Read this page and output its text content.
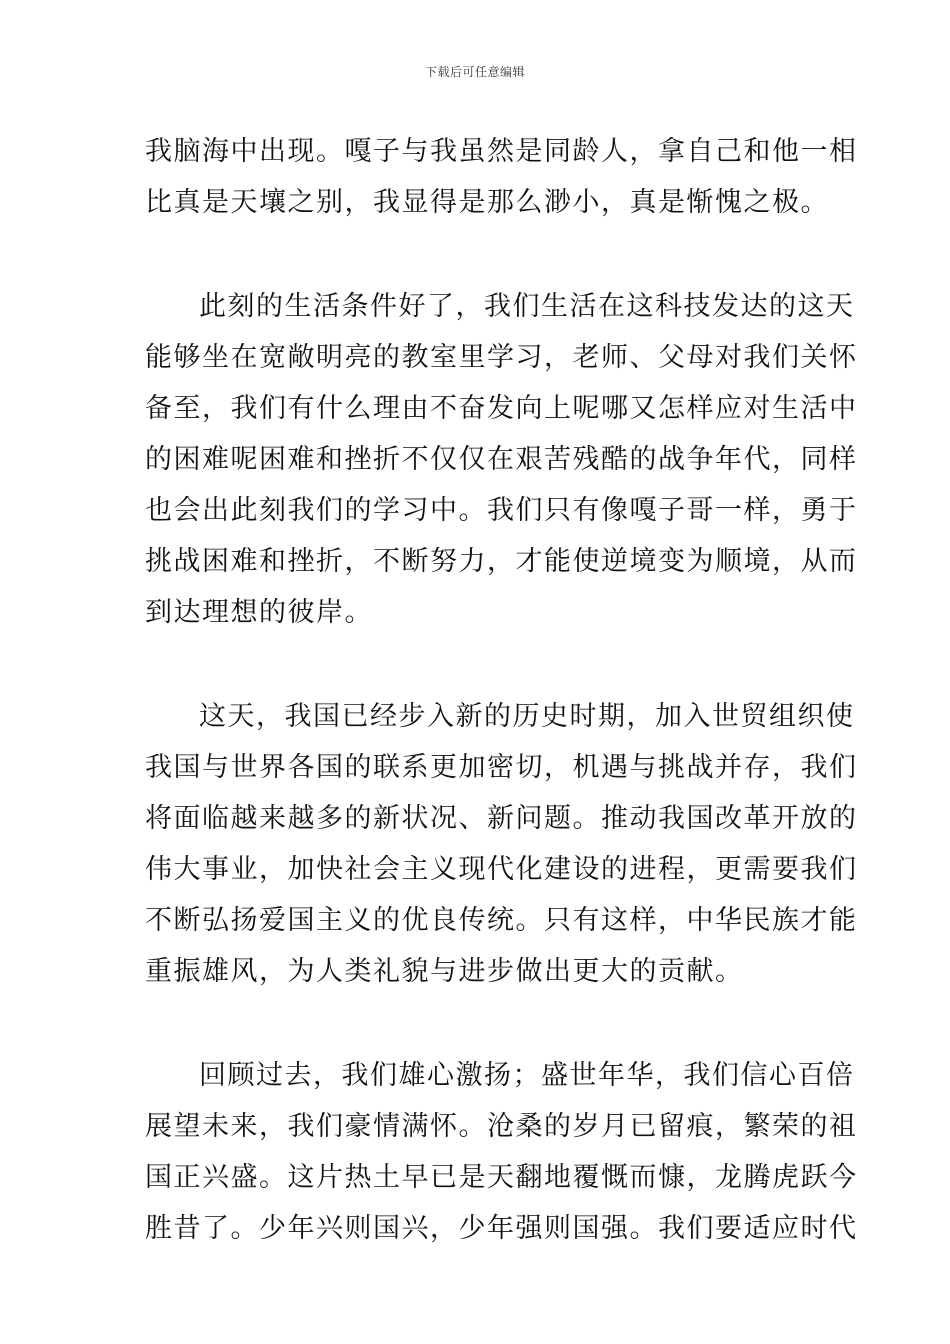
下载后可任意编辑
我脑海中出现。嘎子与我虽然是同龄人，拿自己和他一相
比真是天壤之别，我显得是那么渺小，真是惭愧之极。
此刻的生活条件好了，我们生活在这科技发达的这天
能够坐在宽敞明亮的教室里学习，老师、父母对我们关怀
备至，我们有什么理由不奋发向上呢哪又怎样应对生活中
的困难呢困难和挫折不仅仅在艰苦残酷的战争年代，同样
也会出此刻我们的学习中。我们只有像嘎子哥一样，勇于
挑战困难和挫折，不断努力，才能使逆境变为顺境，从而
到达理想的彼岸。
这天，我国已经步入新的历史时期，加入世贸组织使
我国与世界各国的联系更加密切，机遇与挑战并存，我们
将面临越来越多的新状况、新问题。推动我国改革开放的
伟大事业，加快社会主义现代化建设的进程，更需要我们
不断弘扬爱国主义的优良传统。只有这样，中华民族才能
重振雄风，为人类礼貌与进步做出更大的贡献。
回顾过去，我们雄心激扬；盛世年华，我们信心百倍
展望未来，我们豪情满怀。沧桑的岁月已留痕，繁荣的祖
国正兴盛。这片热土早已是天翻地覆慨而慷，龙腾虎跃今
胜昔了。少年兴则国兴，少年强则国强。我们要适应时代
